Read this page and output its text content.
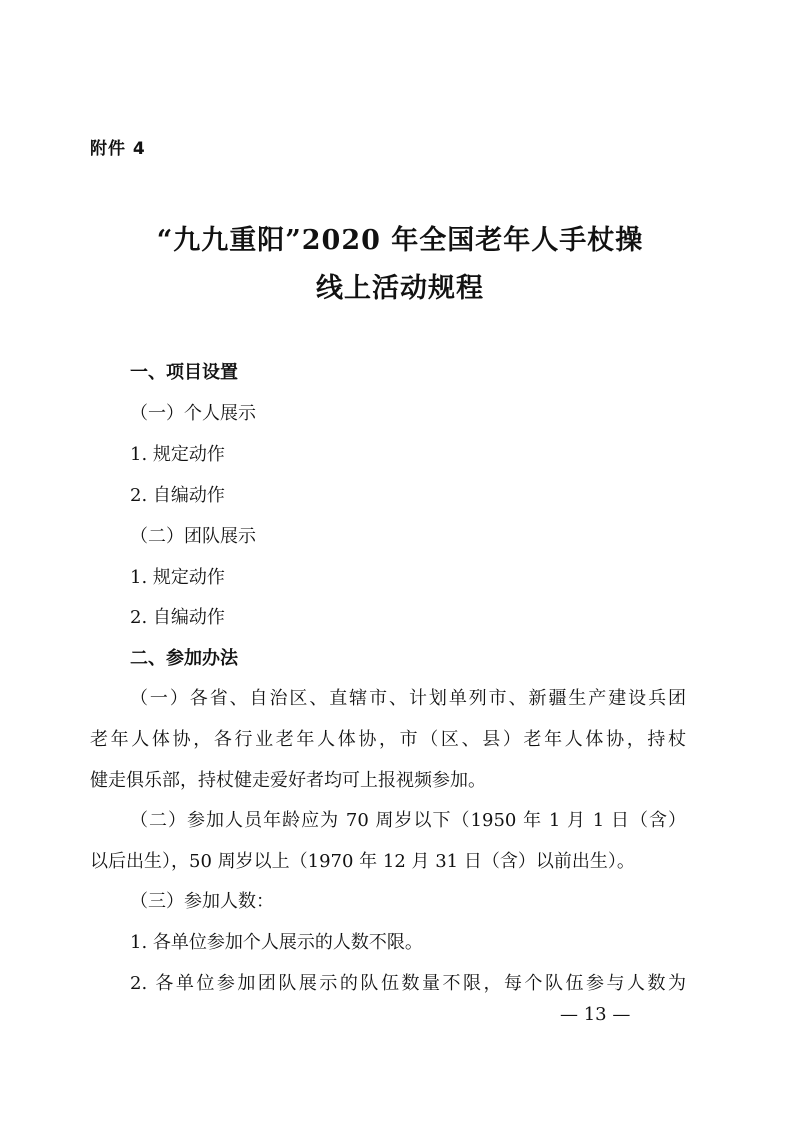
附件 4
“九九重阳”2020 年全国老年人手杖操
线上活动规程
一、项目设置
（一）个人展示
1. 规定动作
2. 自编动作
（二）团队展示
1. 规定动作
2. 自编动作
二、参加办法
（一）各省、自治区、直辖市、计划单列市、新疆生产建设兵团
老年人体协，各行业老年人体协，市（区、县）老年人体协，持杖
健走俱乐部，持杖健走爱好者均可上报视频参加。
（二）参加人员年龄应为 70 周岁以下（1950 年 1 月 1 日（含）
以后出生），50 周岁以上（1970 年 12 月 31 日（含）以前出生）。
（三）参加人数：
1. 各单位参加个人展示的人数不限。
2. 各单位参加团队展示的队伍数量不限，每个队伍参与人数为
— 13 —
